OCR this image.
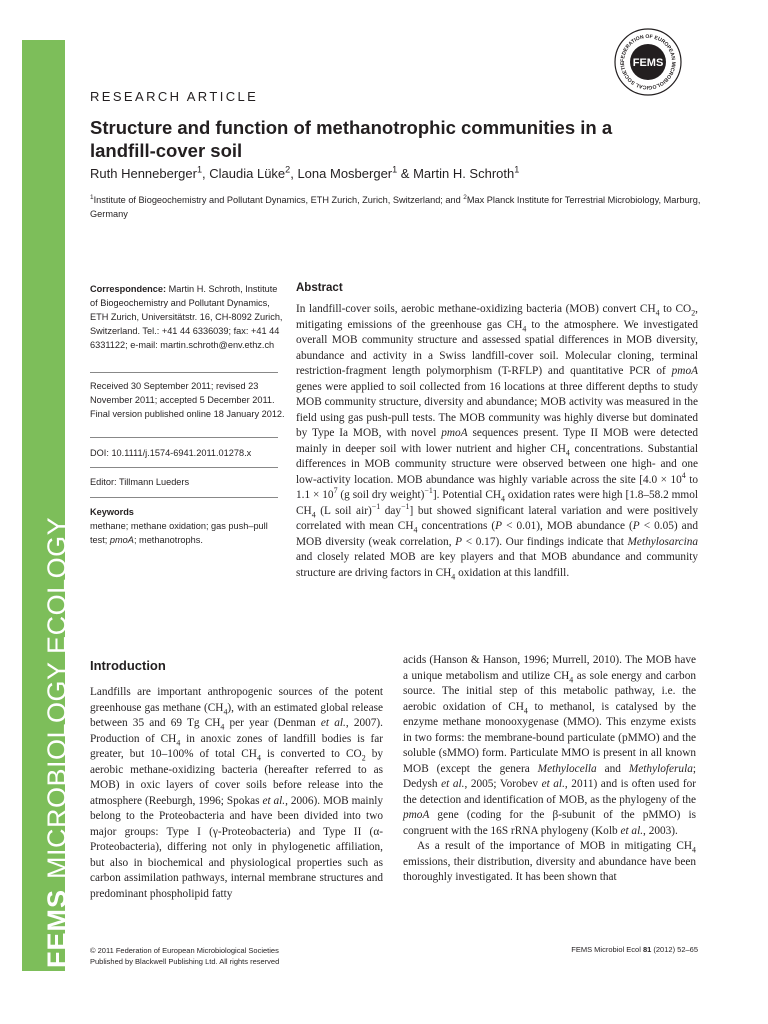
FEMSMICROBIOLOGY ECOLOGY
FEDERATION OF EUROPEAN MICROBIOLOGICAL SOCIETIE FEMS
RESEARCH ARTICLE
Structure and function of methanotrophic communities in a landfill-cover soil
Ruth Henneberger$^1$, Claudia Lüke$^2$, Lona Mosberger$^1$ & Martin H. Schroth$^1$
$^1$Institute of Biogeochemistry and Pollutant Dynamics, ETH Zurich, Zurich, Switzerland; and $^2$Max Planck Institute for Terrestrial Microbiology, Marburg, Germany

Correspondence: Martin H. Schroth, Institute of Biogeochemistry and Pollutant Dynamics, ETH Zurich, Universitätstr. 16, CH-8092 Zurich, Switzerland. Tel.: +41 44 6336039; fax: +41 44 6331122; e-mail: martin.schroth@env.ethz.ch

Received 30 September 2011; revised 23 November 2011; accepted 5 December 2011. Final version published online 18 January 2012.

DOI: 10.1111/j.1574-6941.2011.01278.x

Editor: Tillmann Lueders

Keywords

methane; methane oxidation; gas push–pull test; pmoA; methanotrophs.

Abstract

In landfill-cover soils, aerobic methane-oxidizing bacteria (MOB) convert $CH_4$ to $CO_2$, mitigating emissions of the greenhouse gas $CH_4$ to the atmosphere. We investigated overall MOB community structure and assessed spatial differences in MOB diversity, abundance and activity in a Swiss landfill-cover soil. Molecular cloning, terminal restriction-fragment length polymorphism (T-RFLP) and quantitative PCR of pmoA genes were applied to soil collected from 16 locations at three different depths to study MOB community structure, diversity and abundance; MOB activity was measured in the field using gas push-pull tests. The MOB community was highly diverse but dominated by Type Ia MOB, with novel pmoA sequences present. Type II MOB were detected mainly in deeper soil with lower nutrient and higher $CH_4$ concentrations. Substantial differences in MOB community structure were observed between one high- and one low-activity location. MOB abundance was highly variable across the site [$4.0 \times 10^4$ to $1.1 \times 10^7$ (g soil dry weight)$^{-1}$]. Potential $CH_4$ oxidation rates were high [1.8–58.2 mmol $CH_4$ (L soil air)$^{-1}$ day$^{-1}$] but showed significant lateral variation and were positively correlated with mean $CH_4$ concentrations (P < 0.01), MOB abundance (P < 0.05) and MOB diversity (weak correlation, P < 0.17). Our findings indicate that Methylosarcina and closely related MOB are key players and that MOB abundance and community structure are driving factors in $CH_4$ oxidation at this landfill.

Introduction

Landfills are important anthropogenic sources of the potent greenhouse gas methane $(CH_4)$, with an estimated global release between 35 and 69 Tg $CH_4$ per year (Denman et al., 2007). Production of $CH_4$ in anoxic zones of landfill bodies is far greater, but 10–100% of total $CH_4$ is converted to $CO_2$ by aerobic methane-oxidizing bacteria (hereafter referred to as MOB) in oxic layers of cover soils before release into the atmosphere (Reeburgh, 1996; Spokas et al., 2006). MOB mainly belong to the Proteobacteria and have been divided into two major groups: Type I (γ-Proteobacteria) and Type II (α-Proteobacteria), differing not only in phylogenetic affiliation, but also in biochemical and physiological properties such as carbon assimilation pathways, internal membrane structures and predominant phospholipid fatty

acids (Hanson & Hanson, 1996; Murrell, 2010). The MOB have a unique metabolism and utilize $CH_4$ as sole energy and carbon source. The initial step of this metabolic pathway, i.e. the aerobic oxidation of $CH_4$ to methanol, is catalysed by the enzyme methane monooxygenase (MMO). This enzyme exists in two forms: the membrane-bound particulate (pMMO) and the soluble (sMMO) form. Particulate MMO is present in all known MOB (except the genera Methylocella and Methyloferula; Dedysh et al., 2005; Vorobev et al., 2011) and is often used for the detection and identification of MOB, as the phylogeny of the pmoA gene (coding for the β-subunit of the pMMO) is congruent with the 16S rRNA phylogeny (Kolb et al., 2003).

As a result of the importance of MOB in mitigating $CH_4$ emissions, their distribution, diversity and abundance have been thoroughly investigated. It has been shown that

© 2011 Federation of European Microbiological Societies
Published by Blackwell Publishing Ltd. All rights reserved
FEMS Microbiol Ecol 81 (2012) 52–65
